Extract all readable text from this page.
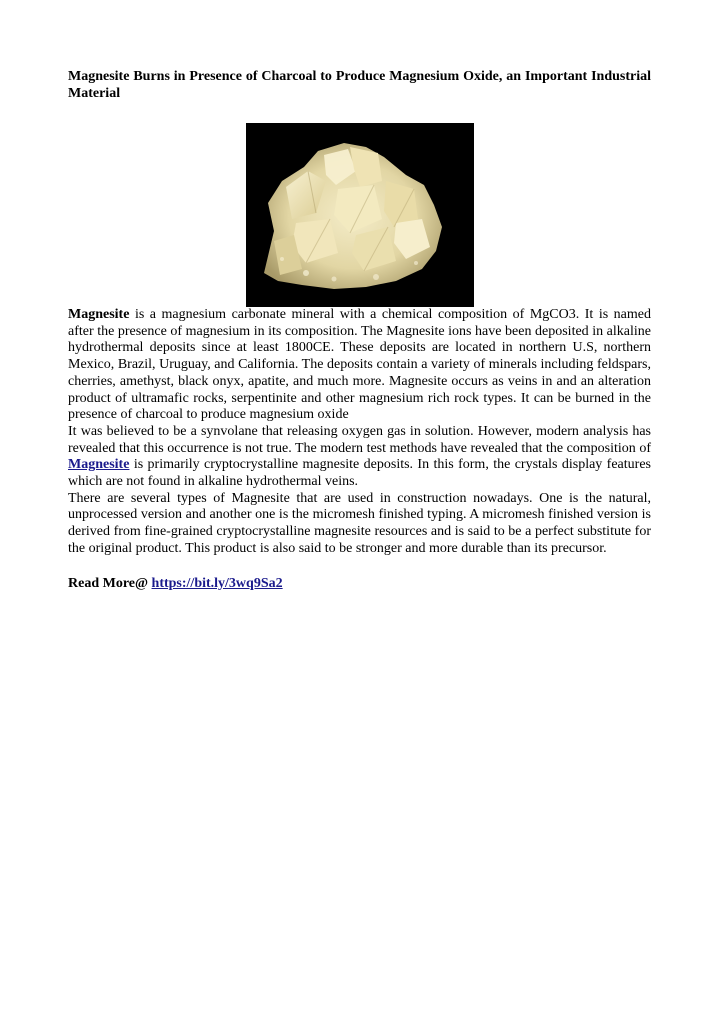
Magnesite Burns in Presence of Charcoal to Produce Magnesium Oxide, an Important Industrial Material

Magnesite is a magnesium carbonate mineral with a chemical composition of MgCO3. It is named after the presence of magnesium in its composition. The Magnesite ions have been deposited in alkaline hydrothermal deposits since at least 1800CE. These deposits are located in northern U.S, northern Mexico, Brazil, Uruguay, and California. The deposits contain a variety of minerals including feldspars, cherries, amethyst, black onyx, apatite, and much more. Magnesite occurs as veins in and an alteration product of ultramafic rocks, serpentinite and other magnesium rich rock types. It can be burned in the presence of charcoal to produce magnesium oxide

It was believed to be a synvolane that releasing oxygen gas in solution. However, modern analysis has revealed that this occurrence is not true. The modern test methods have revealed that the composition of Magnesite is primarily cryptocrystalline magnesite deposits. In this form, the crystals display features which are not found in alkaline hydrothermal veins.

There are several types of Magnesite that are used in construction nowadays. One is the natural, unprocessed version and another one is the micromesh finished typing. A micromesh finished version is derived from fine-grained cryptocrystalline magnesite resources and is said to be a perfect substitute for the original product. This product is also said to be stronger and more durable than its precursor.

Read More@ https://bit.ly/3wq9Sa2
